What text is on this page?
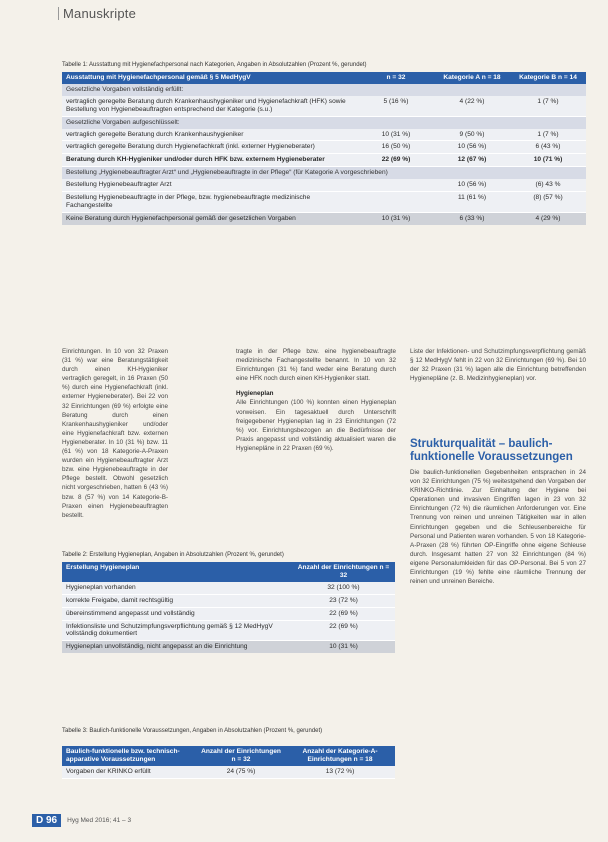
Manuskripte
Tabelle 1: Ausstattung mit Hygienefachpersonal nach Kategorien, Angaben in Absolutzahlen (Prozent %, gerundet)
Ausstattung mit Hygienefachpersonal gemäß § 5 MedHygV	n = 32	Kategorie A n = 18	Kategorie B n = 14
Gesetzliche Vorgaben vollständig erfüllt:			
vertraglich geregelte Beratung durch Krankenhaushygieniker und Hygienefachkraft (HFK) sowie Bestellung von Hygienebeauftragten entsprechend der Kategorie (s.u.)	5 (16 %)	4 (22 %)	1 (7 %)
Gesetzliche Vorgaben aufgeschlüsselt:			
vertraglich geregelte Beratung durch Krankenhaushygieniker	10 (31 %)	9 (50 %)	1 (7 %)
vertraglich geregelte Beratung durch Hygienefachkraft (inkl. externer Hygieneberater)	16 (50 %)	10 (56 %)	6 (43 %)
Beratung durch KH-Hygieniker und/oder durch HFK bzw. externem Hygieneberater	22 (69 %)	12 (67 %)	10 (71 %)
Bestellung „Hygienebeauftragter Arzt“ und „Hygienebeauftragte in der Pflege“ (für Kategorie A vorgeschrieben)			
Bestellung Hygienebeauftragter Arzt		10 (56 %)	(6) 43 %
Bestellung Hygienebeauftragte in der Pflege, bzw. hygienebeauftragte medizinische Fachangestellte		11 (61 %)	(8) (57 %)
Keine Beratung durch Hygienefachpersonal gemäß der gesetzlichen Vorgaben	10 (31 %)	6 (33 %)	4 (29 %)
Einrichtungen. In 10 von 32 Praxen (31 %) war eine Beratungstätigkeit durch einen KH-Hygieniker vertraglich geregelt, in 16 Praxen (50 %) durch eine Hygienefachkraft (inkl. externer Hygieneberater). Bei 22 von 32 Einrichtungen (69 %) erfolgte eine Beratung durch einen Krankenhaushygieniker und/oder eine Hygienefachkraft bzw. externen Hygieneberater. In 10 (31 %) bzw. 11 (61 %) von 18 Kategorie-A-Praxen wurden ein Hygienebeauftragter Arzt bzw. eine Hygienebeauftragte in der Pflege bestellt. Obwohl gesetzlich nicht vorgeschrieben, hatten 6 (43 %) bzw. 8 (57 %) von 14 Kategorie-B-Praxen einen Hygienebeauftragten bestellt.

tragte in der Pflege bzw. eine hygienebeauftragte medizinische Fachangestellte benannt. In 10 von 32 Einrichtungen (31 %) fand weder eine Beratung durch eine HFK noch durch einen KH-Hygieniker statt.

Hygieneplan

Alle Einrichtungen (100 %) konnten einen Hygieneplan vorweisen. Ein tagesaktuell durch Unterschrift freigegebener Hygieneplan lag in 23 Einrichtungen (72 %) vor. Einrichtungsbezogen an die Bedürfnisse der Praxis angepasst und vollständig aktualisiert waren die Hygienepläne in 22 Praxen (69 %).

Liste der Infektionen- und Schutzimpfungsverpflichtung gemäß § 12 MedHygV fehlt in 22 von 32 Einrichtungen (69 %). Bei 10 der 32 Praxen (31 %) lagen alle die Einrichtung betreffenden Hygienepläne (z. B. Medizinhygieneplan) vor.
Strukturqualität – baulich-funktionelle Voraussetzungen
Die baulich-funktionellen Gegebenheiten entsprachen in 24 von 32 Einrichtungen (75 %) weitestgehend den Vorgaben der KRINKO-Richtlinie. Zur Einhaltung der Hygiene bei Operationen und invasiven Eingriffen lagen in 23 von 32 Einrichtungen (72 %) die räumlichen Anforderungen vor. Eine Trennung von reinen und unreinen Tätigkeiten war in allen Einrichtungen gegeben und die Schleusenbereiche für Personal und Patienten waren vorhanden. 5 von 18 Kategorie-A-Praxen (28 %) führten OP-Eingriffe ohne eigene Schleuse durch. Insgesamt hatten 27 von 32 Einrichtungen (84 %) eigene Personalumkleiden für das OP-Personal. Bei 5 von 27 Einrichtungen (19 %) fehlte eine räumliche Trennung der reinen und unreinen Bereiche.
Tabelle 2: Erstellung Hygieneplan, Angaben in Absolutzahlen (Prozent %, gerundet)
Erstellung Hygieneplan	Anzahl der Einrichtungen n = 32
Hygieneplan vorhanden	32 (100 %)
korrekte Freigabe, damit rechtsgültig	23 (72 %)
übereinstimmend angepasst und vollständig	22 (69 %)
Infektionsliste und Schutzimpfungsverpflichtung gemäß § 12 MedHygV vollständig dokumentiert	22 (69 %)
Hygieneplan unvollständig, nicht angepasst an die Einrichtung	10 (31 %)
Tabelle 3: Baulich-funktionelle Voraussetzungen, Angaben in Absolutzahlen (Prozent %, gerundet)
Baulich-funktionelle bzw. technisch-apparative Voraussetzungen	Anzahl der Einrichtungen n = 32	Anzahl der Kategorie-A-Einrichtungen n = 18
Vorgaben der KRINKO erfüllt	24 (75 %)	13 (72 %)
D 96 Hyg Med 2016; 41 – 3
